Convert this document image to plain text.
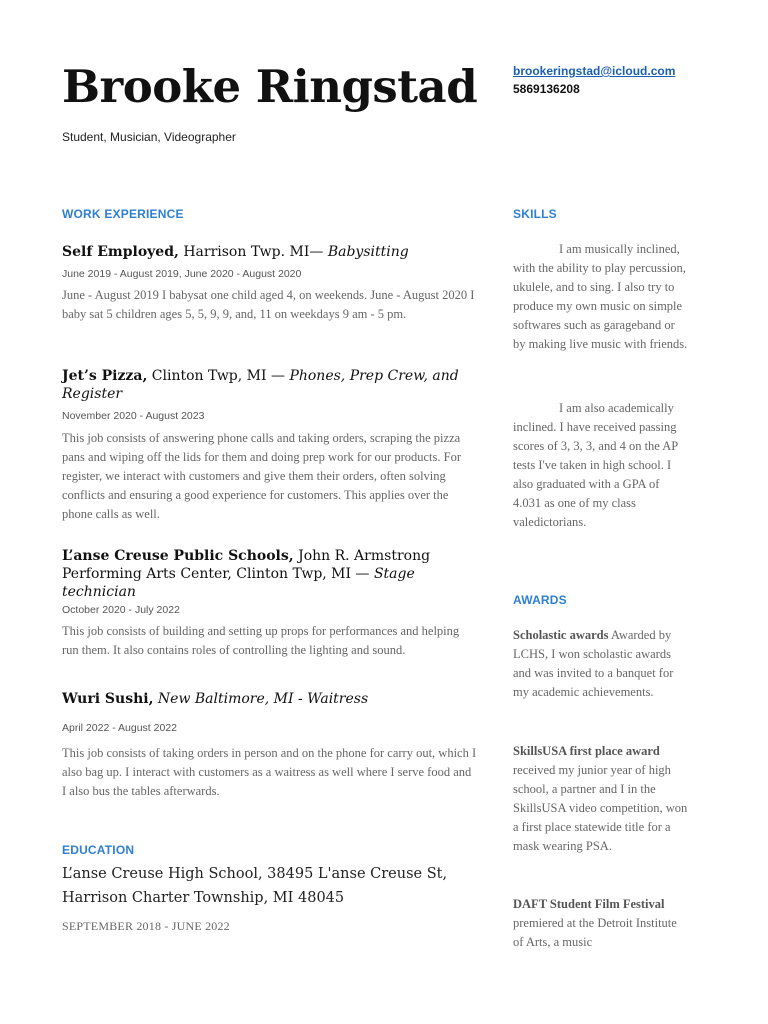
Brooke Ringstad
Student, Musician, Videographer
brookeringstad@icloud.com
5869136208
WORK EXPERIENCE
Self Employed, Harrison Twp. MI— Babysitting
June 2019 - August 2019, June 2020 - August 2020
June - August 2019 I babysat one child aged 4, on weekends. June - August 2020 I baby sat 5 children ages 5, 5, 9, 9, and, 11 on weekdays 9 am - 5 pm.
Jet’s Pizza, Clinton Twp, MI — Phones, Prep Crew, and Register
November 2020 - August 2023
This job consists of answering phone calls and taking orders, scraping the pizza pans and wiping off the lids for them and doing prep work for our products. For register, we interact with customers and give them their orders, often solving conflicts and ensuring a good experience for customers. This applies over the phone calls as well.
L’anse Creuse Public Schools, John R. Armstrong Performing Arts Center, Clinton Twp, MI — Stage technician
October 2020 - July 2022
This job consists of building and setting up props for performances and helping run them. It also contains roles of controlling the lighting and sound.
Wuri Sushi, New Baltimore, MI - Waitress
April 2022 - August 2022
This job consists of taking orders in person and on the phone for carry out, which I also bag up. I interact with customers as a waitress as well where I serve food and I also bus the tables afterwards.
EDUCATION
L’anse Creuse High School, 38495 L'anse Creuse St, Harrison Charter Township, MI 48045
SEPTEMBER 2018 - JUNE 2022
SKILLS
I am musically inclined, with the ability to play percussion, ukulele, and to sing. I also try to produce my own music on simple softwares such as garageband or by making live music with friends.
I am also academically inclined. I have received passing scores of 3, 3, 3, and 4 on the AP tests I've taken in high school. I also graduated with a GPA of 4.031 as one of my class valedictorians.
AWARDS
Scholastic awards Awarded by LCHS, I won scholastic awards and was invited to a banquet for my academic achievements.
SkillsUSA first place award
received my junior year of high school, a partner and I in the SkillsUSA video competition, won a first place statewide title for a mask wearing PSA.
DAFT Student Film Festival
premiered at the Detroit Institute of Arts, a music
